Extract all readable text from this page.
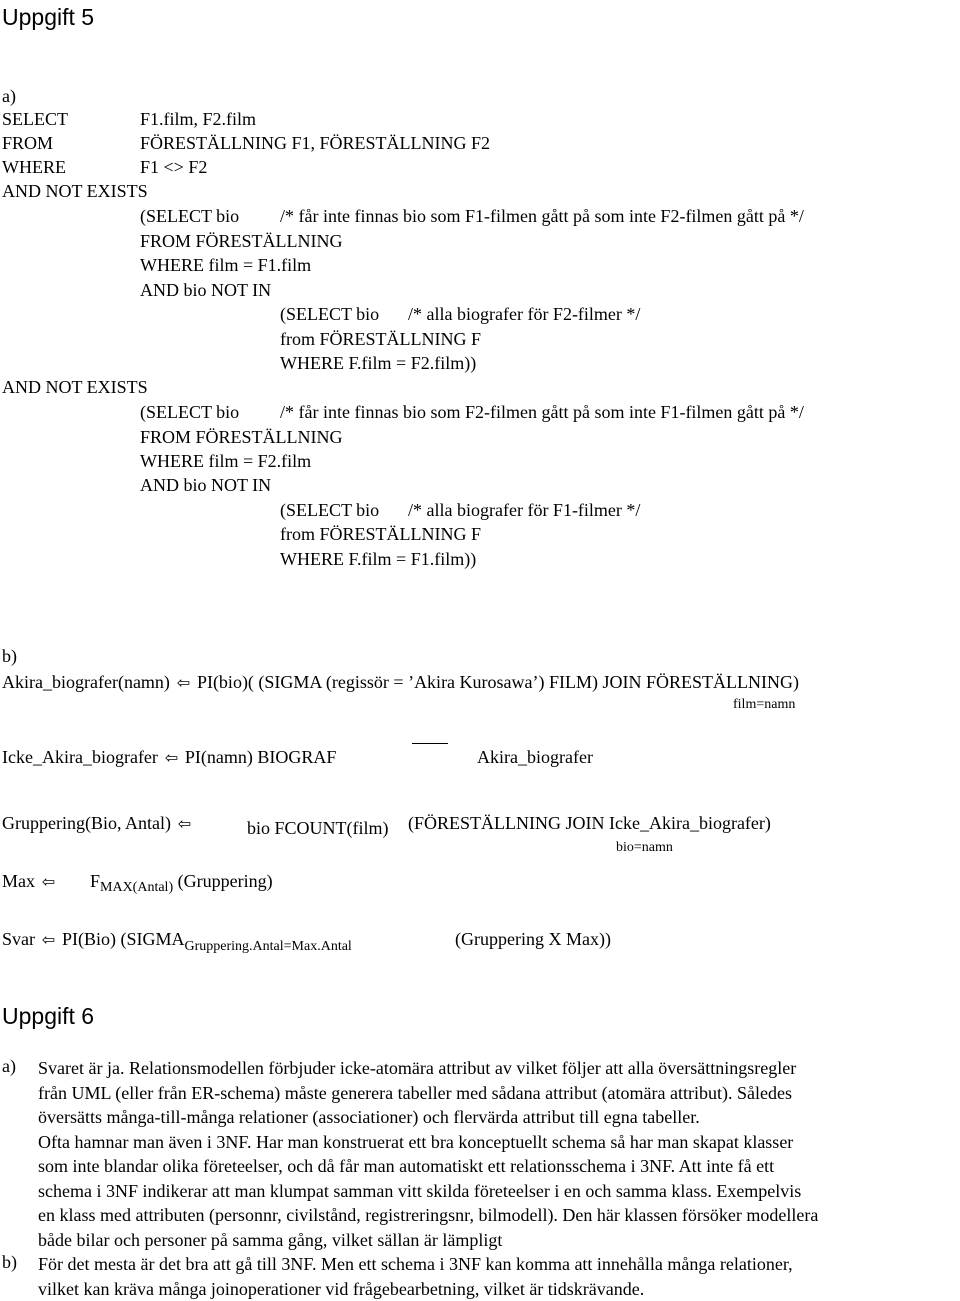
Uppgift 5
a)
SELECT	F1.film, F2.film
FROM	FÖRESTÄLLNING F1, FÖRESTÄLLNING F2
WHERE	F1 <> F2
AND NOT EXISTS
(SELECT bio /* får inte finnas bio som F1-filmen gått på som inte F2-filmen gått på */
FROM FÖRESTÄLLNING
WHERE film = F1.film
AND bio NOT IN
(SELECT bio /* alla biografer för F2-filmer */
from FÖRESTÄLLNING F
WHERE F.film = F2.film))
AND NOT EXISTS
(SELECT bio /* får inte finnas bio som F2-filmen gått på som inte F1-filmen gått på */
FROM FÖRESTÄLLNING
WHERE film = F2.film
AND bio NOT IN
(SELECT bio /* alla biografer för F1-filmer */
from FÖRESTÄLLNING F
WHERE F.film = F1.film))
b)
Akira_biografer(namn) ⇦ PI(bio)( (SIGMA (regissör = ’Akira Kurosawa’) FILM) JOIN FÖRESTÄLLNING)
film=namn
Icke_Akira_biografer ⇦ PI(namn) BIOGRAF	Akira_biografer
Gruppering(Bio, Antal) ⇦	bio FCOUNT(film) (FÖRESTÄLLNING JOIN Icke_Akira_biografer)
bio=namn
Max ⇦ $F_{MAX(Antal)}$ (Gruppering)
Svar ⇦ PI(Bio) ($SIGMA_{Gruppering.Antal=Max.Antal}$	(Gruppering X Max))
Uppgift 6
a) Svaret är ja. Relationsmodellen förbjuder icke-atomära attribut av vilket följer att alla översättningsregler
från UML (eller från ER-schema) måste generera tabeller med sådana attribut (atomära attribut). Således
översätts många-till-många relationer (associationer) och flervärda attribut till egna tabeller.
Ofta hamnar man även i 3NF. Har man konstruerat ett bra konceptuellt schema så har man skapat klasser
som inte blandar olika företeelser, och då får man automatiskt ett relationsschema i 3NF. Att inte få ett
schema i 3NF indikerar att man klumpat samman vitt skilda företeelser i en och samma klass. Exempelvis
en klass med attributen (personnr, civilstånd, registreringsnr, bilmodell). Den här klassen försöker modellera
både bilar och personer på samma gång, vilket sällan är lämpligt
b) För det mesta är det bra att gå till 3NF. Men ett schema i 3NF kan komma att innehålla många relationer,
vilket kan kräva många joinoperationer vid frågebearbetning, vilket är tidskrävande.
